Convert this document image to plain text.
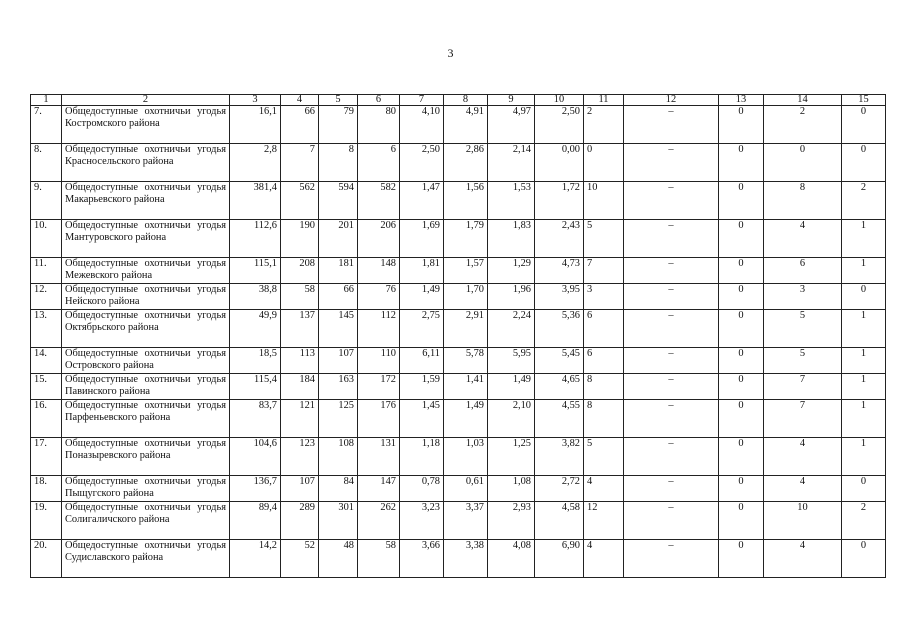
3
1	2	3	4	5	6	7	8	9	10	11	12	13	14	15
7.	Общедоступные охотничьи угодья Костромского района	16,1	66	79	80	4,10	4,91	4,97	2,50	2	–	0	2	0
8.	Общедоступные охотничьи угодья Красносельского района	2,8	7	8	6	2,50	2,86	2,14	0,00	0	–	0	0	0
9.	Общедоступные охотничьи угодья Макарьевского района	381,4	562	594	582	1,47	1,56	1,53	1,72	10	–	0	8	2
10.	Общедоступные охотничьи угодья Мантуровского района	112,6	190	201	206	1,69	1,79	1,83	2,43	5	–	0	4	1
11.	Общедоступные охотничьи угодья Межевского района	115,1	208	181	148	1,81	1,57	1,29	4,73	7	–	0	6	1
12.	Общедоступные охотничьи угодья Нейского района	38,8	58	66	76	1,49	1,70	1,96	3,95	3	–	0	3	0
13.	Общедоступные охотничьи угодья Октябрьского района	49,9	137	145	112	2,75	2,91	2,24	5,36	6	–	0	5	1
14.	Общедоступные охотничьи угодья Островского района	18,5	113	107	110	6,11	5,78	5,95	5,45	6	–	0	5	1
15.	Общедоступные охотничьи угодья Павинского района	115,4	184	163	172	1,59	1,41	1,49	4,65	8	–	0	7	1
16.	Общедоступные охотничьи угодья Парфеньевского района	83,7	121	125	176	1,45	1,49	2,10	4,55	8	–	0	7	1
17.	Общедоступные охотничьи угодья Поназыревского района	104,6	123	108	131	1,18	1,03	1,25	3,82	5	–	0	4	1
18.	Общедоступные охотничьи угодья Пыщугского района	136,7	107	84	147	0,78	0,61	1,08	2,72	4	–	0	4	0
19.	Общедоступные охотничьи угодья Солигаличского района	89,4	289	301	262	3,23	3,37	2,93	4,58	12	–	0	10	2
20.	Общедоступные охотничьи угодья Судиславского района	14,2	52	48	58	3,66	3,38	4,08	6,90	4	–	0	4	0
